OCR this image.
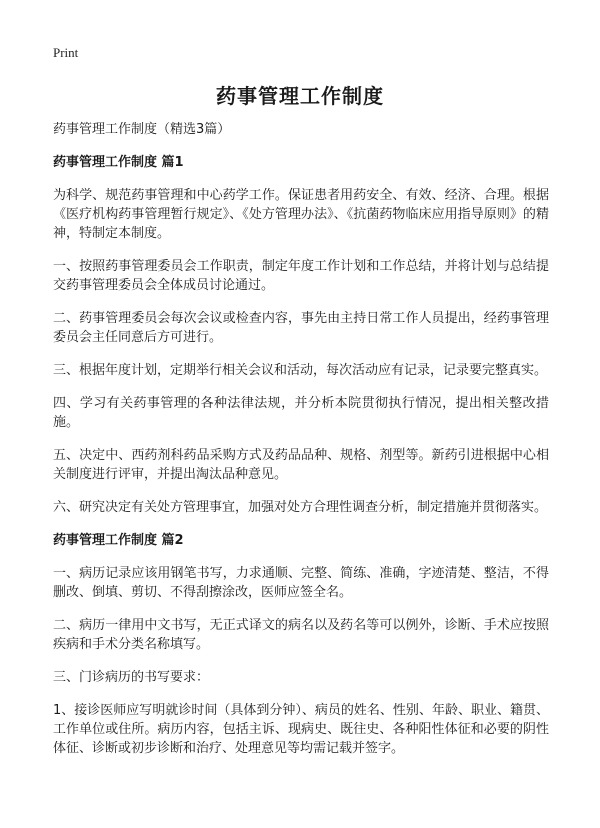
Print
药事管理工作制度

药事管理工作制度（精选3篇）

药事管理工作制度 篇1

为科学、规范药事管理和中心药学工作。保证患者用药安全、有效、经济、合理。根据《医疗机构药事管理暂行规定》、《处方管理办法》、《抗菌药物临床应用指导原则》的精神，特制定本制度。

一、按照药事管理委员会工作职责，制定年度工作计划和工作总结，并将计划与总结提交药事管理委员会全体成员讨论通过。

二、药事管理委员会每次会议或检查内容，事先由主持日常工作人员提出，经药事管理委员会主任同意后方可进行。

三、根据年度计划，定期举行相关会议和活动，每次活动应有记录，记录要完整真实。

四、学习有关药事管理的各种法律法规，并分析本院贯彻执行情况，提出相关整改措施。

五、决定中、西药剂科药品采购方式及药品品种、规格、剂型等。新药引进根据中心相关制度进行评审，并提出淘汰品种意见。

六、研究决定有关处方管理事宜，加强对处方合理性调查分析，制定措施并贯彻落实。

药事管理工作制度 篇2

一、病历记录应该用钢笔书写，力求通顺、完整、简练、准确，字迹清楚、整洁，不得删改、倒填、剪切、不得刮擦涂改，医师应签全名。

二、病历一律用中文书写，无正式译文的病名以及药名等可以例外，诊断、手术应按照疾病和手术分类名称填写。

三、门诊病历的书写要求：

1、接诊医师应写明就诊时间（具体到分钟）、病员的姓名、性别、年龄、职业、籍贯、工作单位或住所。病历内容，包括主诉、现病史、既往史、各种阳性体征和必要的阴性体征、诊断或初步诊断和治疗、处理意见等均需记载并签字。
